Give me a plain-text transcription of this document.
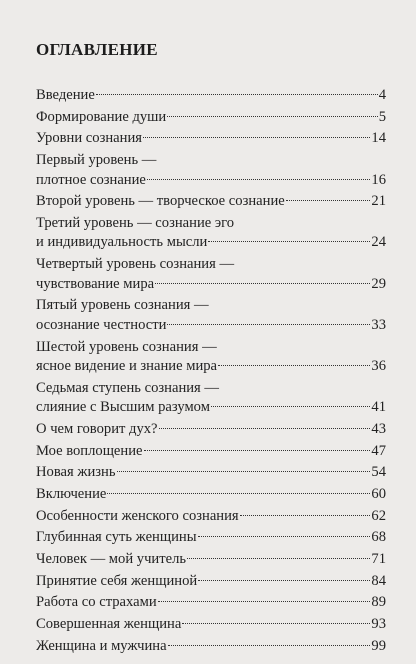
ОГЛАВЛЕНИЕ
Введение	4
Формирование души	5
Уровни сознания	14
Первый уровень —
плотное сознание	16
Второй уровень — творческое сознание	21
Третий уровень — сознание эго
и индивидуальность мысли	24
Четвертый уровень сознания —
чувствование мира	29
Пятый уровень сознания —
осознание честности	33
Шестой уровень сознания —
ясное видение и знание мира	36
Седьмая ступень сознания —
слияние с Высшим разумом	41
О чем говорит дух?	43
Мое воплощение	47
Новая жизнь	54
Включение	60
Особенности женского сознания	62
Глубинная суть женщины	68
Человек — мой учитель	71
Принятие себя женщиной	84
Работа со страхами	89
Совершенная женщина	93
Женщина и мужчина	99
